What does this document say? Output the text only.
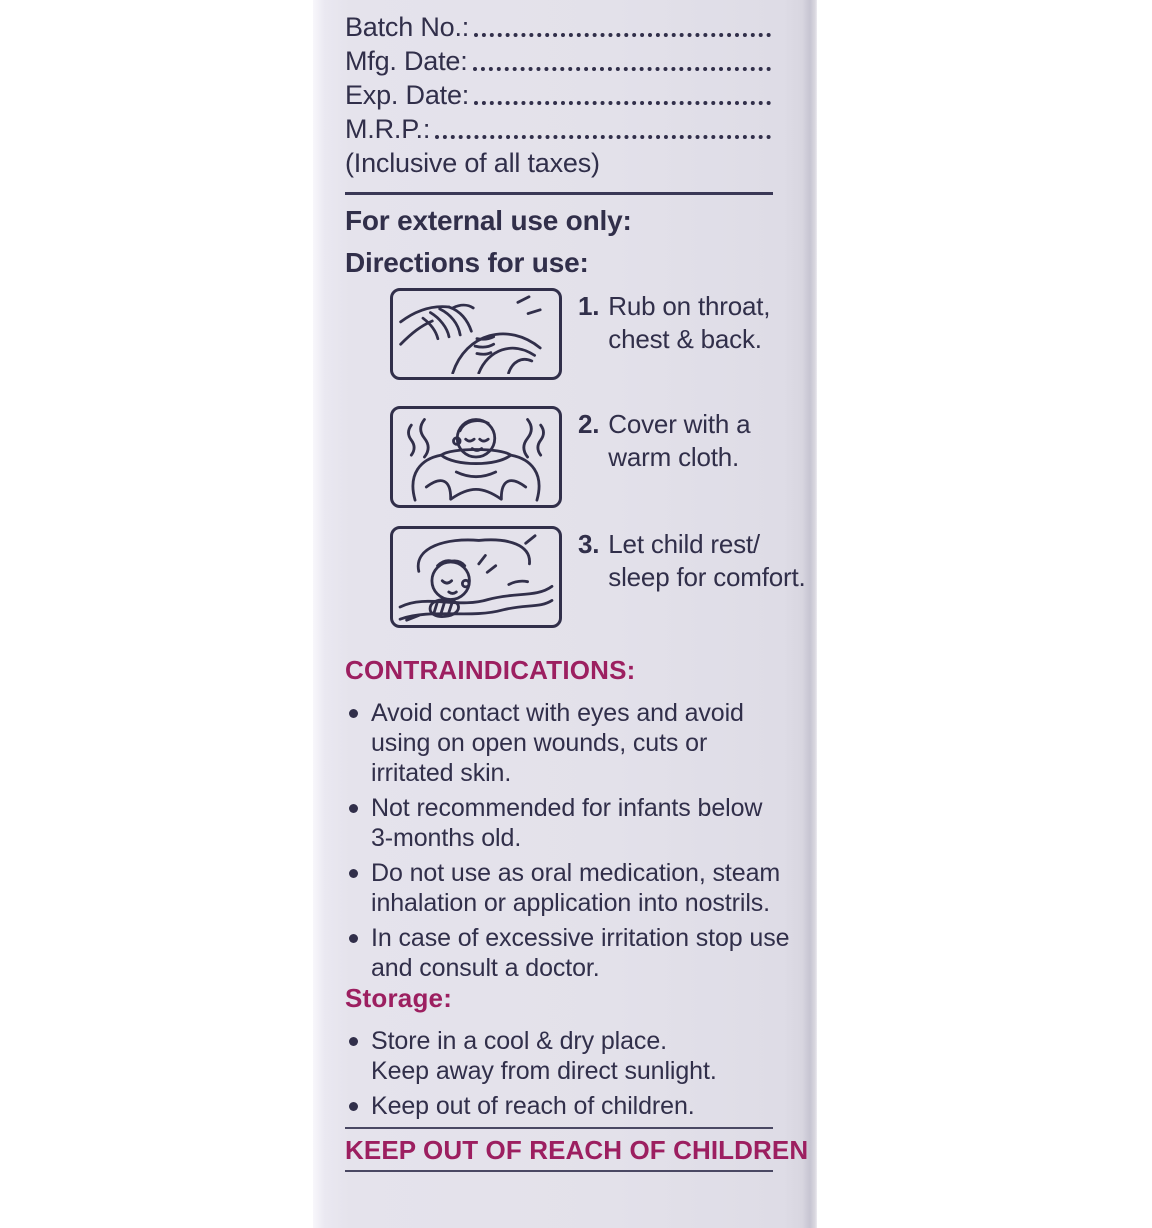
Batch No.:
Mfg. Date:
Exp. Date:
M.R.P.:
(Inclusive of all taxes)
For external use only:
Directions for use:
1. Rub on throat,
chest & back.
2. Cover with a
warm cloth.
3. Let child rest/
sleep for comfort.
CONTRAINDICATIONS:
Avoid contact with eyes and avoid
using on open wounds, cuts or
irritated skin.
Not recommended for infants below
3-months old.
Do not use as oral medication, steam
inhalation or application into nostrils.
In case of excessive irritation stop use
and consult a doctor.
Storage:
Store in a cool & dry place.
Keep away from direct sunlight.
Keep out of reach of children.
KEEP OUT OF REACH OF CHILDREN
